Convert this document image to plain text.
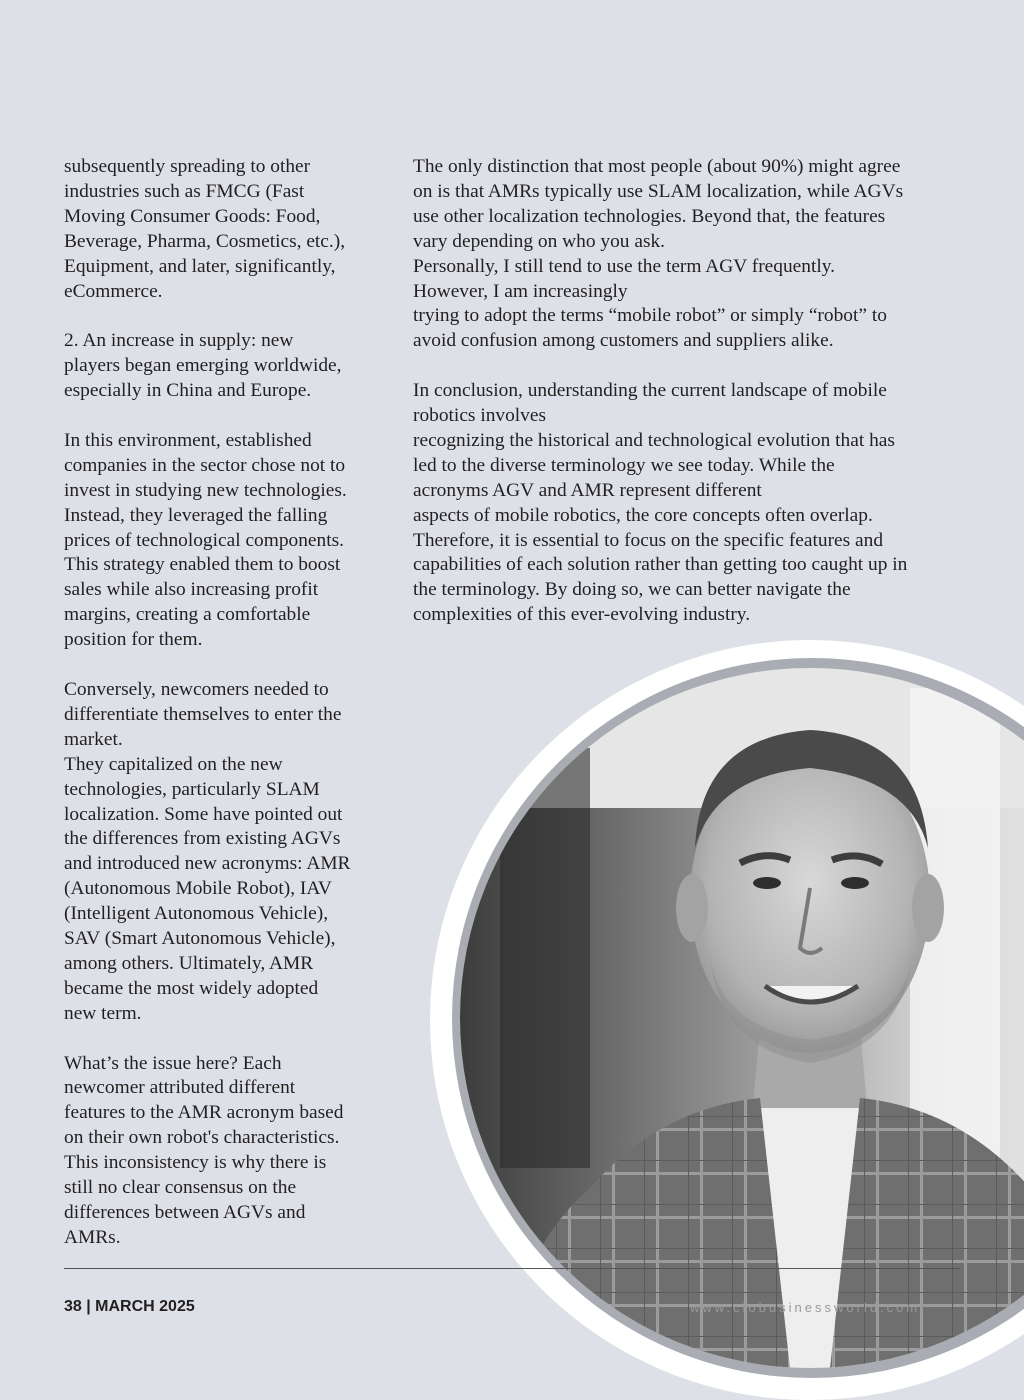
subsequently spreading to other
industries such as FMCG (Fast
Moving Consumer Goods: Food,
Beverage, Pharma, Cosmetics, etc.),
Equipment, and later, significantly,
eCommerce.

2. An increase in supply: new
players began emerging worldwide,
especially in China and Europe.

In this environment, established
companies in the sector chose not to
invest in studying new technologies.
Instead, they leveraged the falling
prices of technological components.
This strategy enabled them to boost
sales while also increasing profit
margins, creating a comfortable
position for them.

Conversely, newcomers needed to
differentiate themselves to enter the
market.
They capitalized on the new
technologies, particularly SLAM
localization. Some have pointed out
the differences from existing AGVs
and introduced new acronyms: AMR
(Autonomous Mobile Robot), IAV
(Intelligent Autonomous Vehicle),
SAV (Smart Autonomous Vehicle),
among others. Ultimately, AMR
became the most widely adopted
new term.

What’s the issue here? Each
newcomer attributed different
features to the AMR acronym based
on their own robot's characteristics.
This inconsistency is why there is
still no clear consensus on the
differences between AGVs and
AMRs.

The only distinction that most people (about 90%) might agree
on is that AMRs typically use SLAM localization, while AGVs
use other localization technologies. Beyond that, the features
vary depending on who you ask.
Personally, I still tend to use the term AGV frequently.
However, I am increasingly
trying to adopt the terms “mobile robot” or simply “robot” to
avoid confusion among customers and suppliers alike.

In conclusion, understanding the current landscape of mobile
robotics involves
recognizing the historical and technological evolution that has
led to the diverse terminology we see today. While the
acronyms AGV and AMR represent different
aspects of mobile robotics, the core concepts often overlap.
Therefore, it is essential to focus on the specific features and
capabilities of each solution rather than getting too caught up in
the terminology. By doing so, we can better navigate the
complexities of this ever-evolving industry.

38 | MARCH 2025	www.ciobusinessworld.com
